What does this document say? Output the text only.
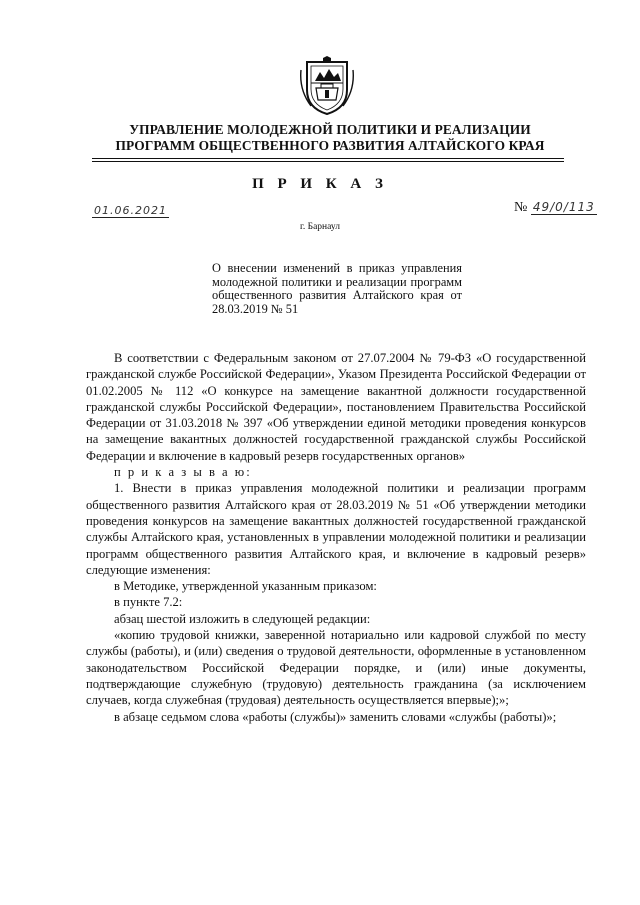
УПРАВЛЕНИЕ МОЛОДЕЖНОЙ ПОЛИТИКИ И РЕАЛИЗАЦИИ
ПРОГРАММ ОБЩЕСТВЕННОГО РАЗВИТИЯ АЛТАЙСКОГО КРАЯ
П Р И К А З
01.06.2021	№ 49/0/113
г. Барнаул
О внесении изменений в приказ управления молодежной политики и реализации программ общественного развития Алтайского края от 28.03.2019 № 51

В соответствии с Федеральным законом от 27.07.2004 № 79-ФЗ «О государственной гражданской службе Российской Федерации», Указом Президента Российской Федерации от 01.02.2005 № 112 «О конкурсе на замещение вакантной должности государственной гражданской службы Российской Федерации», постановлением Правительства Российской Федерации от 31.03.2018 № 397 «Об утверждении единой методики проведения конкурсов на замещение вакантных должностей государственной гражданской службы Российской Федерации и включение в кадровый резерв государственных органов»

п р и к а з ы в а ю:

1. Внести в приказ управления молодежной политики и реализации программ общественного развития Алтайского края от 28.03.2019 № 51 «Об утверждении методики проведения конкурсов на замещение вакантных должностей государственной гражданской службы Алтайского края, установленных в управлении молодежной политики и реализации программ общественного развития Алтайского края, и включение в кадровый резерв» следующие изменения:

в Методике, утвержденной указанным приказом:

в пункте 7.2:

абзац шестой изложить в следующей редакции:

«копию трудовой книжки, заверенной нотариально или кадровой службой по месту службы (работы), и (или) сведения о трудовой деятельности, оформленные в установленном законодательством Российской Федерации порядке, и (или) иные документы, подтверждающие служебную (трудовую) деятельность гражданина (за исключением случаев, когда служебная (трудовая) деятельность осуществляется впервые);»;

в абзаце седьмом слова «работы (службы)» заменить словами «службы (работы)»;
